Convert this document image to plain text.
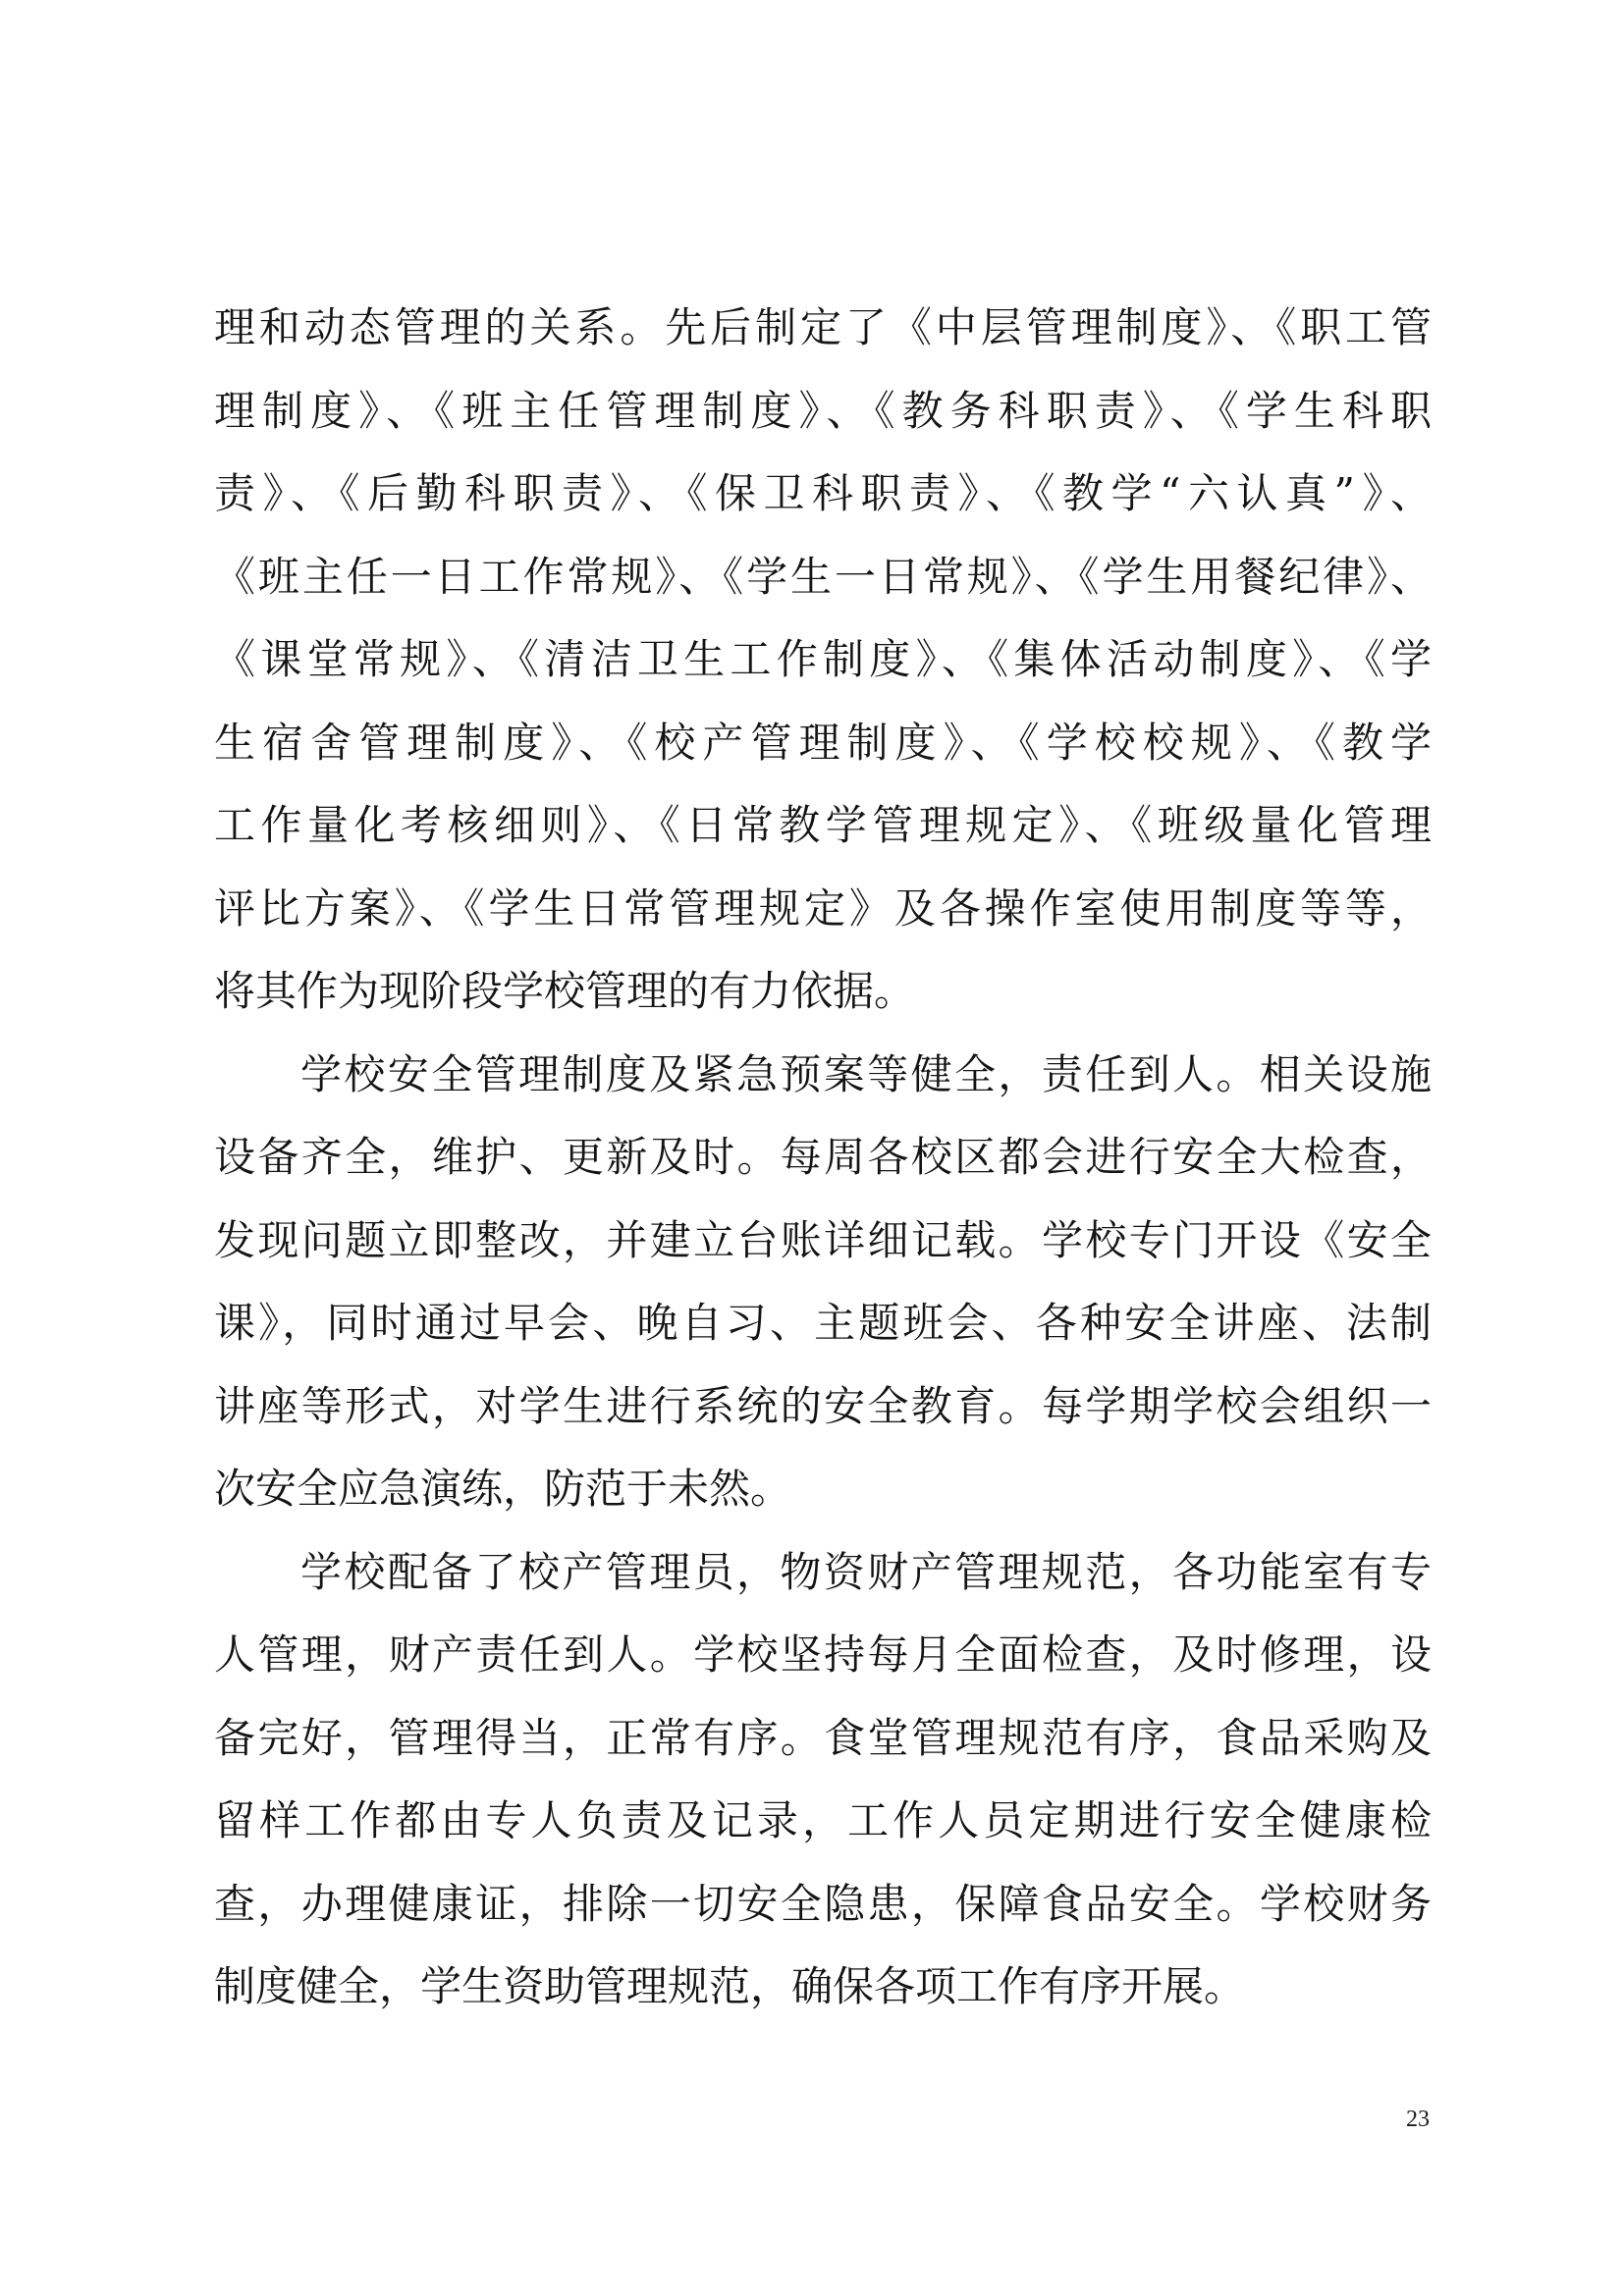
理和动态管理的关系。先后制定了《中层管理制度》、《职工管
理制度》、《班主任管理制度》、《教务科职责》、《学生科职
责》、《后勤科职责》、《保卫科职责》、《教学“六认真”》、
《班主任一日工作常规》、《学生一日常规》、《学生用餐纪律》、
《课堂常规》、《清洁卫生工作制度》、《集体活动制度》、《学
生宿舍管理制度》、《校产管理制度》、《学校校规》、《教学
工作量化考核细则》、《日常教学管理规定》、《班级量化管理
评比方案》、《学生日常管理规定》及各操作室使用制度等等，
将其作为现阶段学校管理的有力依据。
学校安全管理制度及紧急预案等健全，责任到人。相关设施
设备齐全，维护、更新及时。每周各校区都会进行安全大检查，
发现问题立即整改，并建立台账详细记载。学校专门开设《安全
课》，同时通过早会、晚自习、主题班会、各种安全讲座、法制
讲座等形式，对学生进行系统的安全教育。每学期学校会组织一
次安全应急演练，防范于未然。
学校配备了校产管理员，物资财产管理规范，各功能室有专
人管理，财产责任到人。学校坚持每月全面检查，及时修理，设
备完好，管理得当，正常有序。食堂管理规范有序，食品采购及
留样工作都由专人负责及记录，工作人员定期进行安全健康检
查，办理健康证，排除一切安全隐患，保障食品安全。学校财务
制度健全，学生资助管理规范，确保各项工作有序开展。
23
